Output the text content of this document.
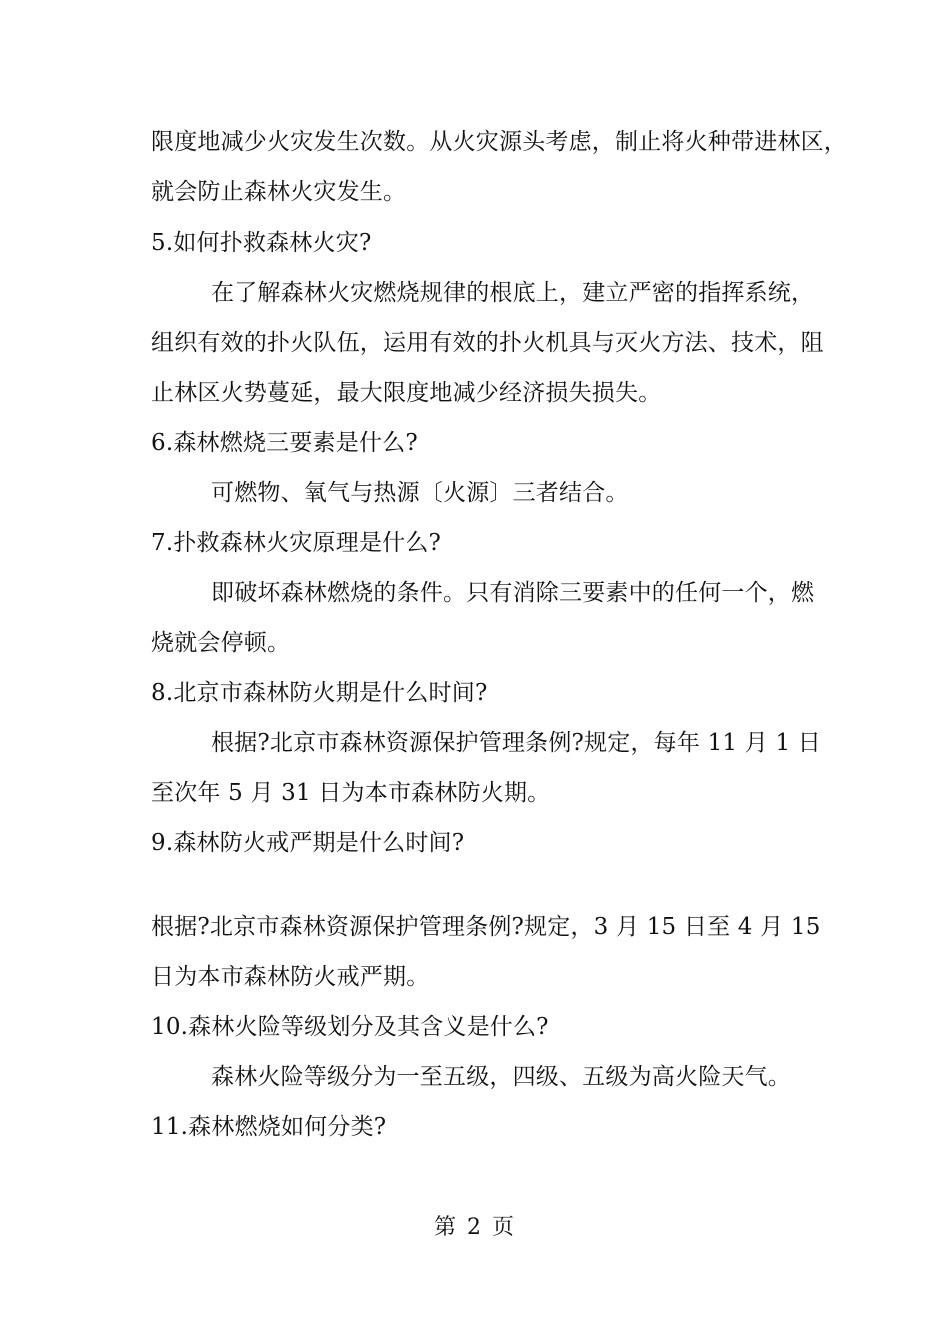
限度地减少火灾发生次数。从火灾源头考虑，制止将火种带进林区，
就会防止森林火灾发生。
5.如何扑救森林火灾?
在了解森林火灾燃烧规律的根底上，建立严密的指挥系统，
组织有效的扑火队伍，运用有效的扑火机具与灭火方法、技术，阻
止林区火势蔓延，最大限度地减少经济损失损失。
6.森林燃烧三要素是什么?
可燃物、氧气与热源〔火源〕三者结合。
7.扑救森林火灾原理是什么?
即破坏森林燃烧的条件。只有消除三要素中的任何一个，燃
烧就会停顿。
8.北京市森林防火期是什么时间?
根据?北京市森林资源保护管理条例?规定，每年 11 月 1 日
至次年 5 月 31 日为本市森林防火期。
9.森林防火戒严期是什么时间?
根据?北京市森林资源保护管理条例?规定，3 月 15 日至 4 月 15
日为本市森林防火戒严期。
10.森林火险等级划分及其含义是什么?
森林火险等级分为一至五级，四级、五级为高火险天气。
11.森林燃烧如何分类?
第 2 页
